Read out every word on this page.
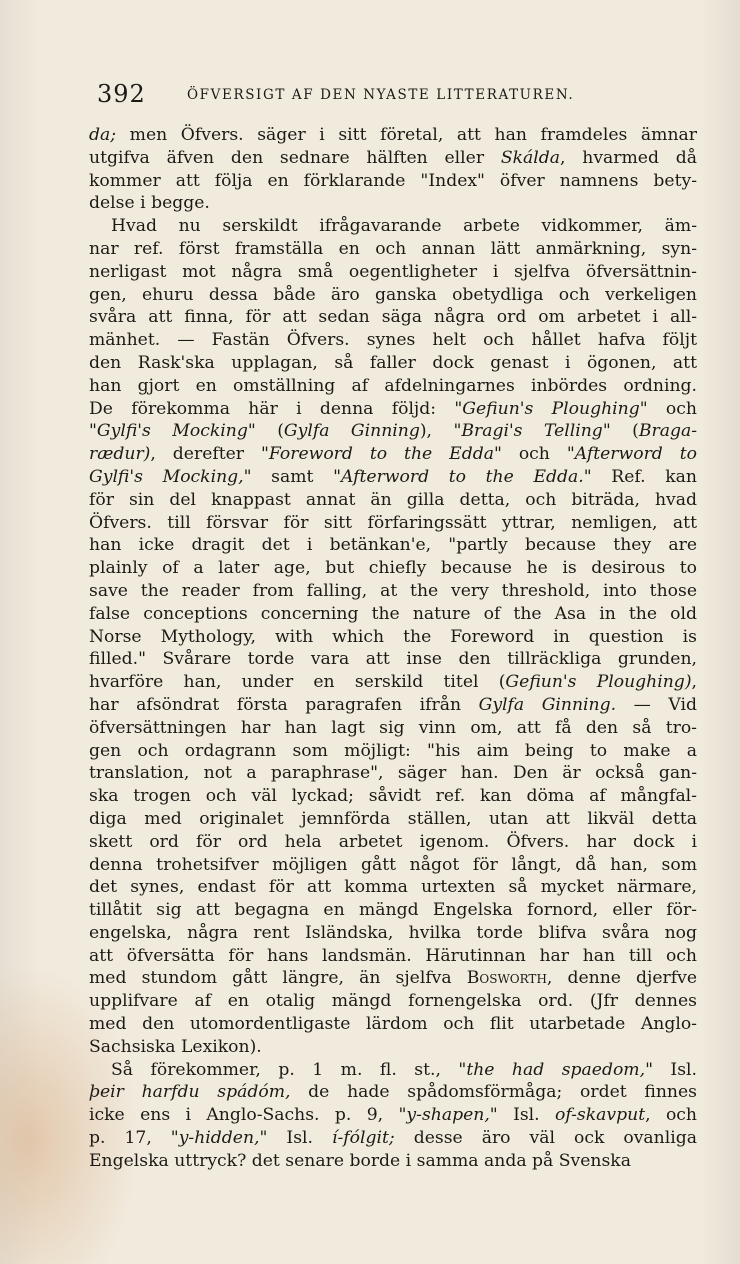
392	ÖFVERSIGT AF DEN NYASTE LITTERATUREN.
da; men Öfvers. säger i sitt företal, att han framdeles ämnar
utgifva äfven den sednare hälften eller Skálda, hvarmed då
kommer att följa en förklarande "Index" öfver namnens bety-
delse i begge.
Hvad nu serskildt ifrågavarande arbete vidkommer, äm-
nar ref. först framställa en och annan lätt anmärkning, syn-
nerligast mot några små oegentligheter i sjelfva öfversättnin-
gen, ehuru dessa både äro ganska obetydliga och verkeligen
svåra att finna, för att sedan säga några ord om arbetet i all-
mänhet. — Fastän Öfvers. synes helt och hållet hafva följt
den Rask'ska upplagan, så faller dock genast i ögonen, att
han gjort en omställning af afdelningarnes inbördes ordning.
De förekomma här i denna följd: "Gefiun's Ploughing" och
"Gylfi's Mocking" (Gylfa Ginning), "Bragi's Telling" (Braga-
rædur), derefter "Foreword to the Edda" och "Afterword to
Gylfi's Mocking," samt "Afterword to the Edda." Ref. kan
för sin del knappast annat än gilla detta, och biträda, hvad
Öfvers. till försvar för sitt förfaringssätt yttrar, nemligen, att
han icke dragit det i betänkan'e, "partly because they are
plainly of a later age, but chiefly because he is desirous to
save the reader from falling, at the very threshold, into those
false conceptions concerning the nature of the Asa in the old
Norse Mythology, with which the Foreword in question is
filled." Svårare torde vara att inse den tillräckliga grunden,
hvarföre han, under en serskild titel (Gefiun's Ploughing),
har afsöndrat första paragrafen ifrån Gylfa Ginning. — Vid
öfversättningen har han lagt sig vinn om, att få den så tro-
gen och ordagrann som möjligt: "his aim being to make a
translation, not a paraphrase", säger han. Den är också gan-
ska trogen och väl lyckad; såvidt ref. kan döma af mångfal-
diga med originalet jemnförda ställen, utan att likväl detta
skett ord för ord hela arbetet igenom. Öfvers. har dock i
denna trohetsifver möjligen gått något för långt, då han, som
det synes, endast för att komma urtexten så mycket närmare,
tillåtit sig att begagna en mängd Engelska fornord, eller för-
engelska, några rent Isländska, hvilka torde blifva svåra nog
att öfversätta för hans landsmän. Härutinnan har han till och
med stundom gått längre, än sjelfva Bosworth, denne djerfve
upplifvare af en otalig mängd fornengelska ord. (Jfr dennes
med den utomordentligaste lärdom och flit utarbetade Anglo-
Sachsiska Lexikon).
Så förekommer, p. 1 m. fl. st., "the had spaedom," Isl.
þeir harfdu spádóm, de hade spådomsförmåga; ordet finnes
icke ens i Anglo-Sachs. p. 9, "y-shapen," Isl. of-skavput, och
p. 17, "y-hidden," Isl. í-fólgit; desse äro väl ock ovanliga
Engelska uttryck? det senare borde i samma anda på Svenska
